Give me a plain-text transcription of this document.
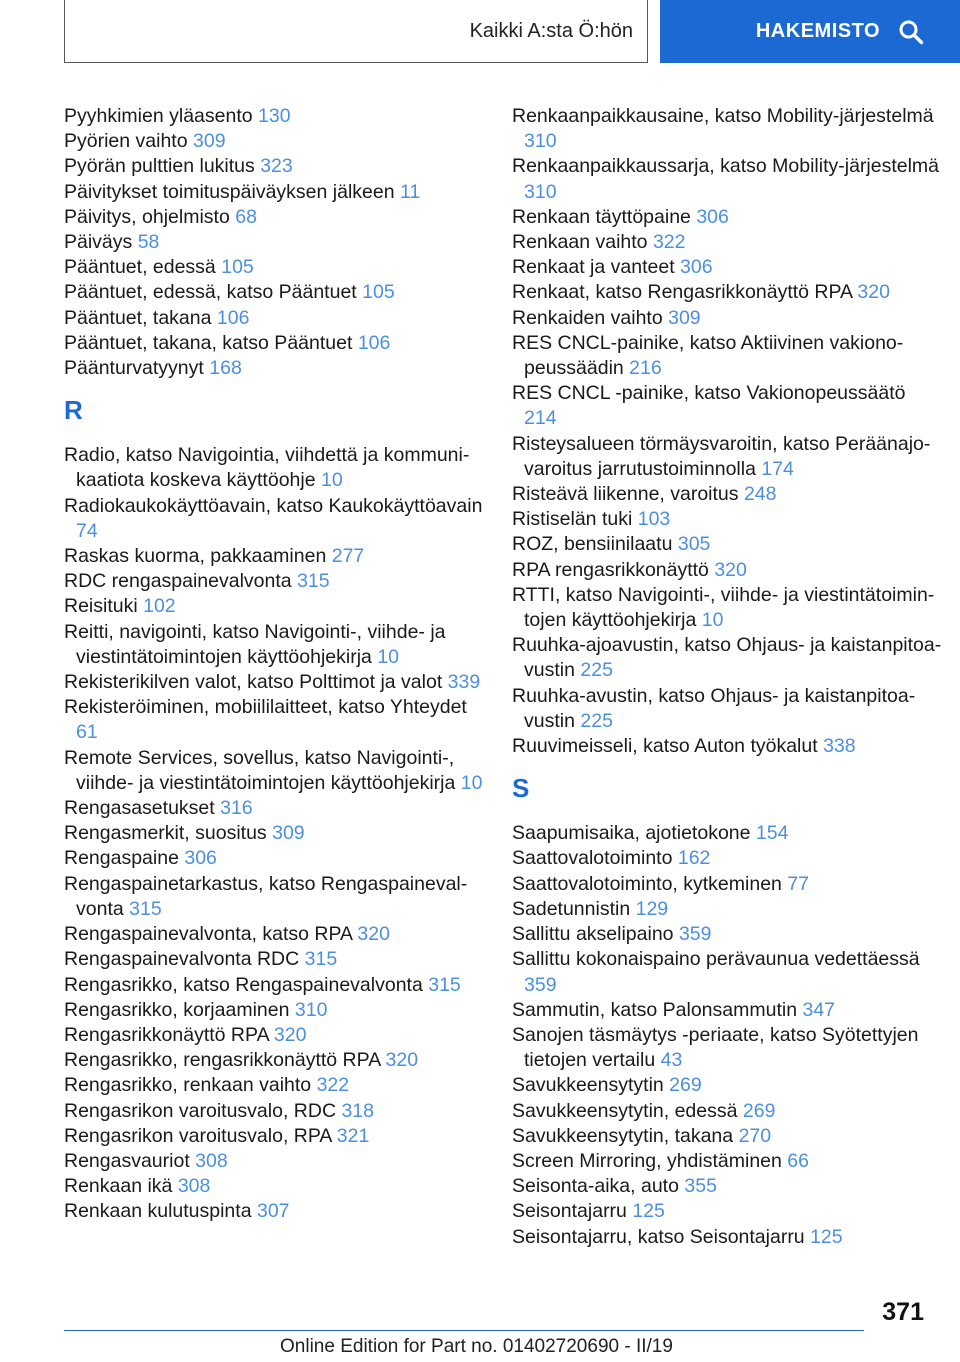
Kaikki A:sta Ö:hön	HAKEMISTO
Pyyhkimien yläasento 130
Pyörien vaihto 309
Pyörän pulttien lukitus 323
Päivitykset toimituspäiväyksen jälkeen 11
Päivitys, ohjelmisto 68
Päiväys 58
Pääntuet, edessä 105
Pääntuet, edessä, katso Pääntuet 105
Pääntuet, takana 106
Pääntuet, takana, katso Pääntuet 106
Päänturvatyynyt 168
R
Radio, katso Navigointia, viihdettä ja kommunikaatiota koskeva käyttöohje 10
Radiokaukokäyttöavain, katso Kaukokäyttöavain 74
Raskas kuorma, pakkaaminen 277
RDC rengaspainevalvonta 315
Reisituki 102
Reitti, navigointi, katso Navigointi-, viihde- ja viestintätoimintojen käyttöohjekirja 10
Rekisterikilven valot, katso Polttimot ja valot 339
Rekisteröiminen, mobiililaitteet, katso Yhteydet 61
Remote Services, sovellus, katso Navigointi-, viihde- ja viestintätoimintojen käyttöohjekirja 10
Rengasasetukset 316
Rengasmerkit, suositus 309
Rengaspaine 306
Rengaspainetarkastus, katso Rengaspainevalvonta 315
Rengaspainevalvonta, katso RPA 320
Rengaspainevalvonta RDC 315
Rengasrikko, katso Rengaspainevalvonta 315
Rengasrikko, korjaaminen 310
Rengasrikkonäyttö RPA 320
Rengasrikko, rengasrikkonäyttö RPA 320
Rengasrikko, renkaan vaihto 322
Rengasrikon varoitusvalo, RDC 318
Rengasrikon varoitusvalo, RPA 321
Rengasvauriot 308
Renkaan ikä 308
Renkaan kulutuspinta 307
Renkaanpaikkausaine, katso Mobility-järjestelmä 310
Renkaanpaikkaussarja, katso Mobility-järjestelmä 310
Renkaan täyttöpaine 306
Renkaan vaihto 322
Renkaat ja vanteet 306
Renkaat, katso Rengasrikkonäyttö RPA 320
Renkaiden vaihto 309
RES CNCL-painike, katso Aktiivinen vakionopeussäädin 216
RES CNCL -painike, katso Vakionopeussäätö 214
Risteysalueen törmäysvaroitin, katso Peräänajovaroitus jarrutustoiminnolla 174
Risteävä liikenne, varoitus 248
Ristiselän tuki 103
ROZ, bensiinilaatu 305
RPA rengasrikkonäyttö 320
RTTI, katso Navigointi-, viihde- ja viestintätoimintojen käyttöohjekirja 10
Ruuhka-ajoavustin, katso Ohjaus- ja kaistanpitoavustin 225
Ruuhka-avustin, katso Ohjaus- ja kaistanpitoavustin 225
Ruuvimeisseli, katso Auton työkalut 338
S
Saapumisaika, ajotietokone 154
Saattovalotoiminto 162
Saattovalotoiminto, kytkeminen 77
Sadetunnistin 129
Sallittu akselipaino 359
Sallittu kokonaispaino perävaunua vedettäessä 359
Sammutin, katso Palonsammutin 347
Sanojen täsmäytys -periaate, katso Syötettyjen tietojen vertailu 43
Savukkeensytytin 269
Savukkeensytytin, edessä 269
Savukkeensytytin, takana 270
Screen Mirroring, yhdistäminen 66
Seisonta-aika, auto 355
Seisontajarru 125
Seisontajarru, katso Seisontajarru 125
371
Online Edition for Part no. 01402720690 - II/19
